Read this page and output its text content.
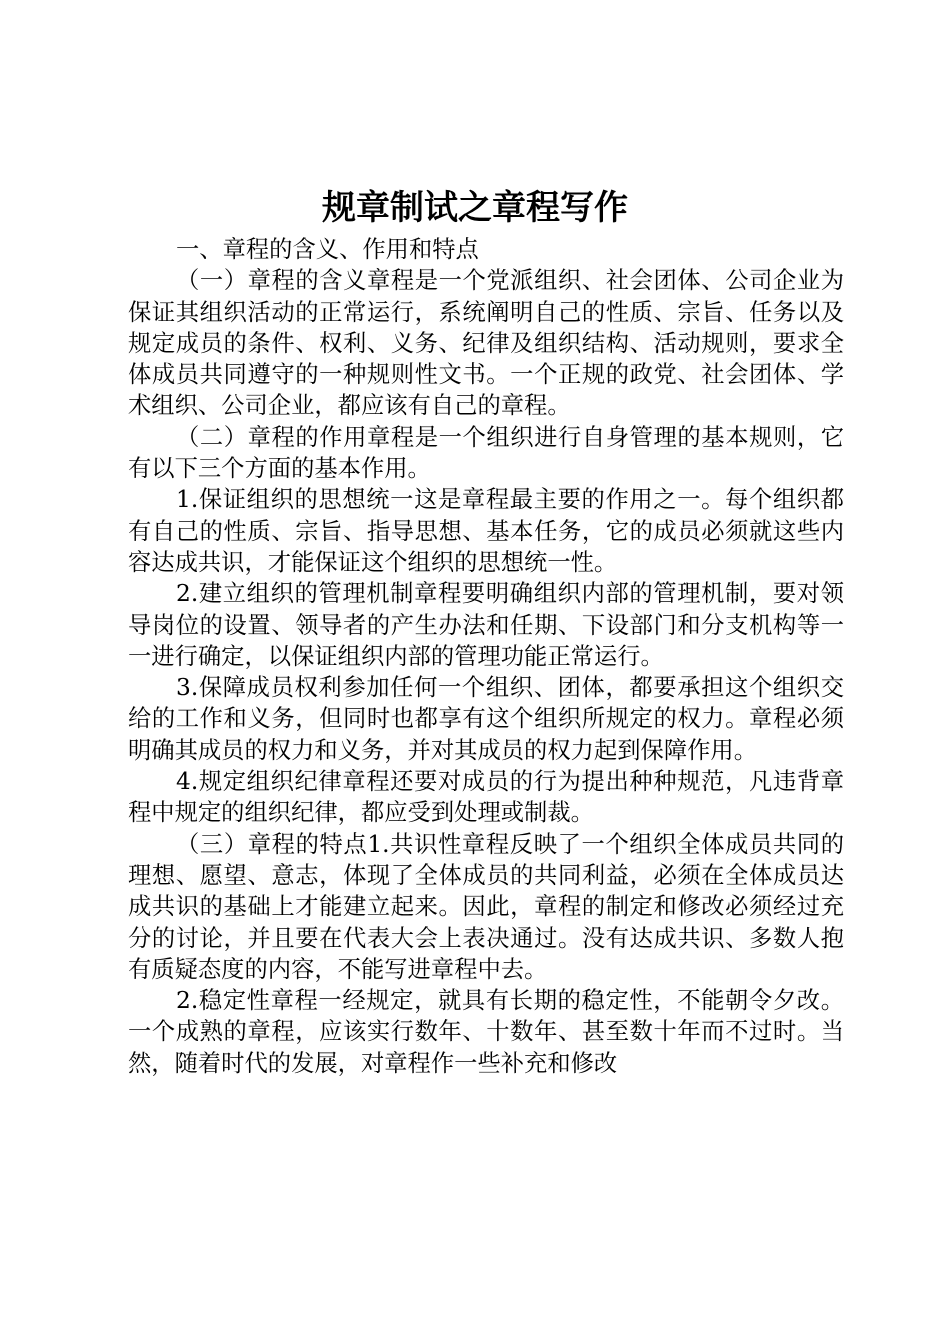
规章制试之章程写作

一、章程的含义、作用和特点

（一）章程的含义章程是一个党派组织、社会团体、公司企业为保证其组织活动的正常运行，系统阐明自己的性质、宗旨、任务以及规定成员的条件、权利、义务、纪律及组织结构、活动规则，要求全体成员共同遵守的一种规则性文书。一个正规的政党、社会团体、学术组织、公司企业，都应该有自己的章程。

（二）章程的作用章程是一个组织进行自身管理的基本规则，它有以下三个方面的基本作用。

1.保证组织的思想统一这是章程最主要的作用之一。每个组织都有自己的性质、宗旨、指导思想、基本任务，它的成员必须就这些内容达成共识，才能保证这个组织的思想统一性。

2.建立组织的管理机制章程要明确组织内部的管理机制，要对领导岗位的设置、领导者的产生办法和任期、下设部门和分支机构等一一进行确定，以保证组织内部的管理功能正常运行。

3.保障成员权利参加任何一个组织、团体，都要承担这个组织交给的工作和义务，但同时也都享有这个组织所规定的权力。章程必须明确其成员的权力和义务，并对其成员的权力起到保障作用。

4.规定组织纪律章程还要对成员的行为提出种种规范，凡违背章程中规定的组织纪律，都应受到处理或制裁。

（三）章程的特点1.共识性章程反映了一个组织全体成员共同的理想、愿望、意志，体现了全体成员的共同利益，必须在全体成员达成共识的基础上才能建立起来。因此，章程的制定和修改必须经过充分的讨论，并且要在代表大会上表决通过。没有达成共识、多数人抱有质疑态度的内容，不能写进章程中去。

2.稳定性章程一经规定，就具有长期的稳定性，不能朝令夕改。一个成熟的章程，应该实行数年、十数年、甚至数十年而不过时。当然，随着时代的发展，对章程作一些补充和修改
